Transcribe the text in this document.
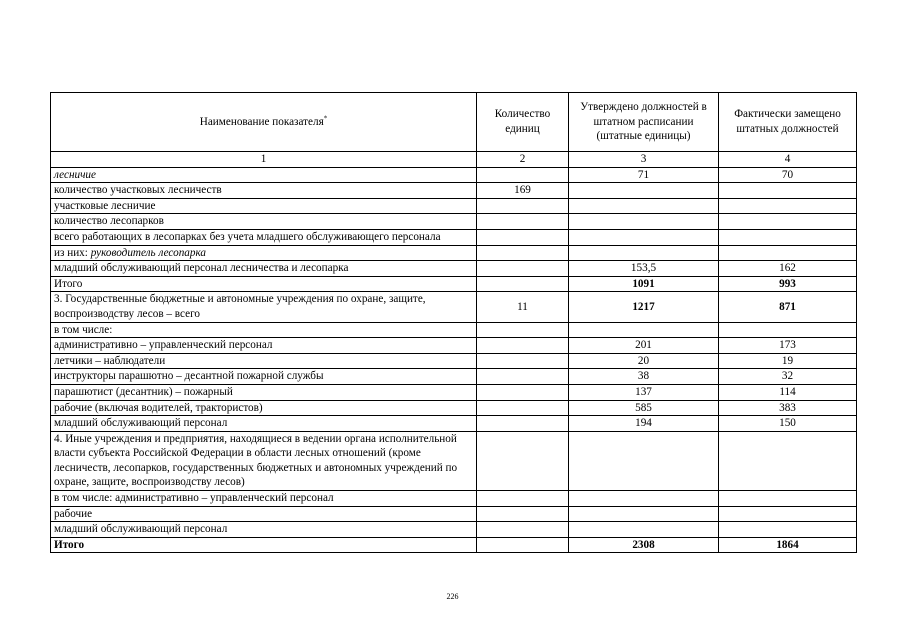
Наименование показателя*	Количество единиц	Утверждено должностей в штатном расписании (штатные единицы)	Фактически замещено штатных должностей
1	2	3	4
лесничие		71	70
количество участковых лесничеств	169		
участковые лесничие			
количество лесопарков			
всего работающих в лесопарках без учета младшего обслуживающего персонала			
из них: руководитель лесопарка			
младший обслуживающий персонал лесничества и лесопарка		153,5	162
Итого		1091	993
3. Государственные бюджетные и автономные учреждения по охране, защите, воспроизводству лесов – всего	11	1217	871
в том числе:			
административно – управленческий персонал		201	173
летчики – наблюдатели		20	19
инструкторы парашютно – десантной пожарной службы		38	32
парашютист (десантник) – пожарный		137	114
рабочие (включая водителей, трактористов)		585	383
младший обслуживающий персонал		194	150
4. Иные учреждения и предприятия, находящиеся в ведении органа исполнительной власти субъекта Российской Федерации в области лесных отношений (кроме лесничеств, лесопарков, государственных бюджетных и автономных учреждений по охране, защите, воспроизводству лесов)			
в том числе: административно – управленческий персонал			
рабочие			
младший обслуживающий персонал			
Итого		2308	1864
226
